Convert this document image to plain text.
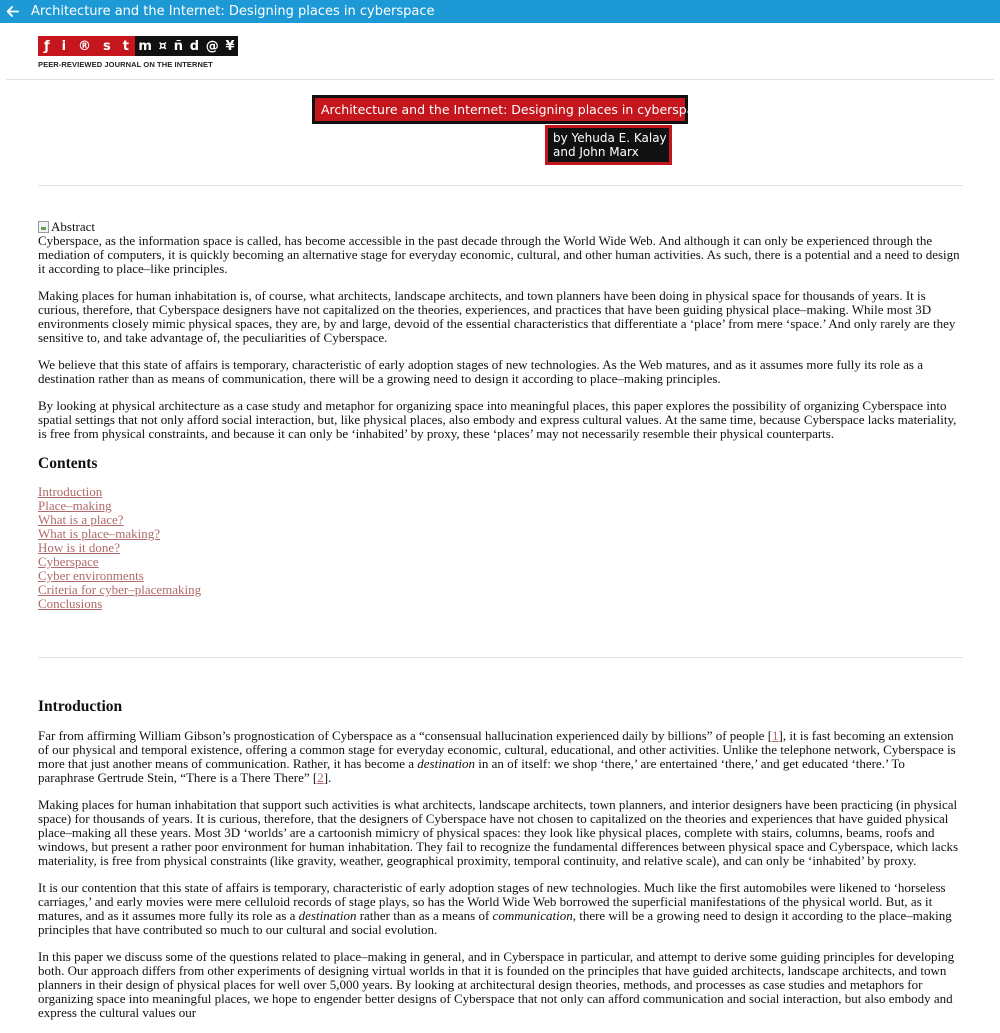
Architecture and the Internet: Designing places in cyberspace
ƒ i ® s t m ¤ ñ d @ ¥
PEER-REVIEWED JOURNAL ON THE INTERNET
Architecture and the Internet: Designing places in cyberspace
by Yehuda E. Kalay
and John Marx
Abstract

Cyberspace, as the information space is called, has become accessible in the past decade through the World Wide Web. And although it can only be experienced through the mediation of computers, it is quickly becoming an alternative stage for everyday economic, cultural, and other human activities. As such, there is a potential and a need to design it according to place–like principles.

Making places for human inhabitation is, of course, what architects, landscape architects, and town planners have been doing in physical space for thousands of years. It is curious, therefore, that Cyberspace designers have not capitalized on the theories, experiences, and practices that have been guiding physical place–making. While most 3D environments closely mimic physical spaces, they are, by and large, devoid of the essential characteristics that differentiate a ‘place’ from mere ‘space.’ And only rarely are they sensitive to, and take advantage of, the peculiarities of Cyberspace.

We believe that this state of affairs is temporary, characteristic of early adoption stages of new technologies. As the Web matures, and as it assumes more fully its role as a destination rather than as means of communication, there will be a growing need to design it according to place–making principles.

By looking at physical architecture as a case study and metaphor for organizing space into meaningful places, this paper explores the possibility of organizing Cyberspace into spatial settings that not only afford social interaction, but, like physical places, also embody and express cultural values. At the same time, because Cyberspace lacks materiality, is free from physical constraints, and because it can only be ‘inhabited’ by proxy, these ‘places’ may not necessarily resemble their physical counterparts.

Contents
Introduction
Place–making
What is a place?
What is place–making?
How is it done?
Cyberspace
Cyber environments
Criteria for cyber–placemaking
Conclusions
Introduction

Far from affirming William Gibson’s prognostication of Cyberspace as a “consensual hallucination experienced daily by billions” of people [1], it is fast becoming an extension of our physical and temporal existence, offering a common stage for everyday economic, cultural, educational, and other activities. Unlike the telephone network, Cyberspace is more that just another means of communication. Rather, it has become a destination in an of itself: we shop ‘there,’ are entertained ‘there,’ and get educated ‘there.’ To paraphrase Gertrude Stein, “There is a There There” [2].

Making places for human inhabitation that support such activities is what architects, landscape architects, town planners, and interior designers have been practicing (in physical space) for thousands of years. It is curious, therefore, that the designers of Cyberspace have not chosen to capitalized on the theories and experiences that have guided physical place–making all these years. Most 3D ‘worlds’ are a cartoonish mimicry of physical spaces: they look like physical places, complete with stairs, columns, beams, roofs and windows, but present a rather poor environment for human inhabitation. They fail to recognize the fundamental differences between physical space and Cyberspace, which lacks materiality, is free from physical constraints (like gravity, weather, geographical proximity, temporal continuity, and relative scale), and can only be ‘inhabited’ by proxy.

It is our contention that this state of affairs is temporary, characteristic of early adoption stages of new technologies. Much like the first automobiles were likened to ‘horseless carriages,’ and early movies were mere celluloid records of stage plays, so has the World Wide Web borrowed the superficial manifestations of the physical world. But, as it matures, and as it assumes more fully its role as a destination rather than as a means of communication, there will be a growing need to design it according to the place–making principles that have contributed so much to our cultural and social evolution.

In this paper we discuss some of the questions related to place–making in general, and in Cyberspace in particular, and attempt to derive some guiding principles for developing both. Our approach differs from other experiments of designing virtual worlds in that it is founded on the principles that have guided architects, landscape architects, and town planners in their design of physical places for well over 5,000 years. By looking at architectural design theories, methods, and processes as case studies and metaphors for organizing space into meaningful places, we hope to engender better designs of Cyberspace that not only can afford communication and social interaction, but also embody and express the cultural values our
